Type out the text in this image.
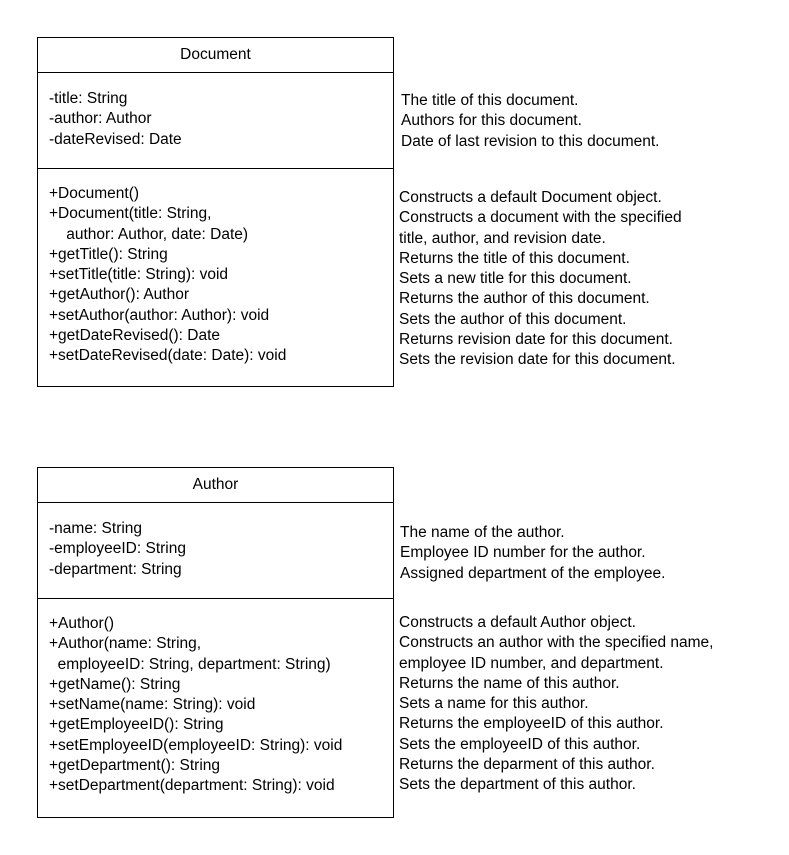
Document
-title: String
-author: Author
-dateRevised: Date
+Document()
+Document(title: String,
author: Author, date: Date)
+getTitle(): String
+setTitle(title: String): void
+getAuthor(): Author
+setAuthor(author: Author): void
+getDateRevised(): Date
+setDateRevised(date: Date): void
The title of this document.
Authors for this document.
Date of last revision to this document.
Constructs a default Document object.
Constructs a document with the specified
title, author, and revision date.
Returns the title of this document.
Sets a new title for this document.
Returns the author of this document.
Sets the author of this document.
Returns revision date for this document.
Sets the revision date for this document.
Author
-name: String
-employeeID: String
-department: String
+Author()
+Author(name: String,
employeeID: String, department: String)
+getName(): String
+setName(name: String): void
+getEmployeeID(): String
+setEmployeeID(employeeID: String): void
+getDepartment(): String
+setDepartment(department: String): void
The name of the author.
Employee ID number for the author.
Assigned department of the employee.
Constructs a default Author object.
Constructs an author with the specified name,
employee ID number, and department.
Returns the name of this author.
Sets a name for this author.
Returns the employeeID of this author.
Sets the employeeID of this author.
Returns the deparment of this author.
Sets the department of this author.
